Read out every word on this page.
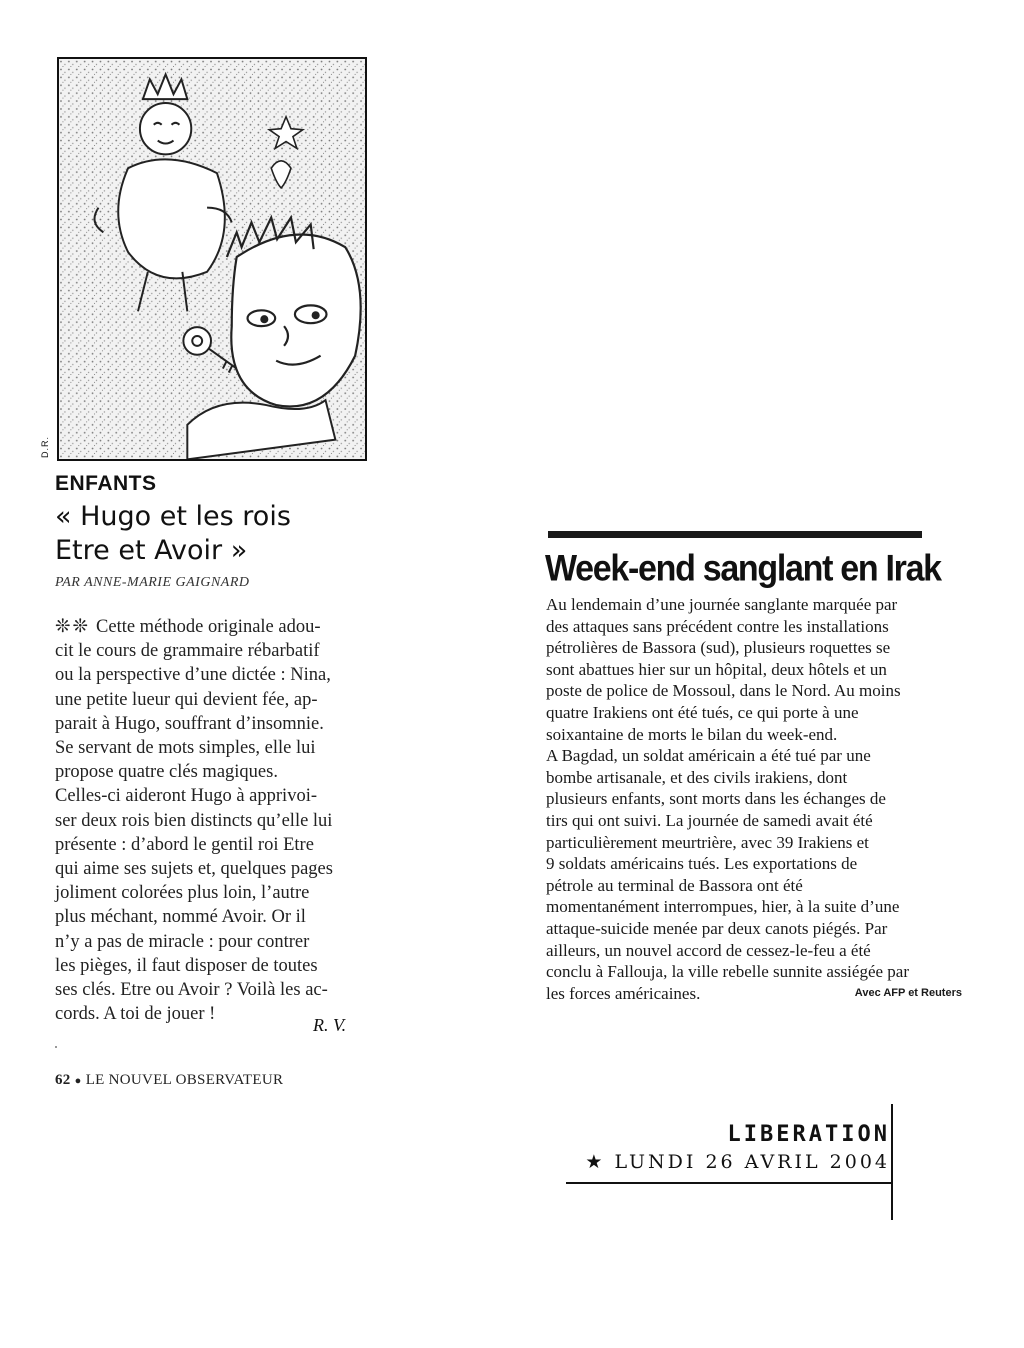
D.R.
ENFANTS
« Hugo et les rois
Etre et Avoir »
PAR ANNE-MARIE GAIGNARD
❊❊ Cette méthode originale adou-
cit le cours de grammaire rébarbatif
ou la perspective d’une dictée : Nina,
une petite lueur qui devient fée, ap-
parait à Hugo, souffrant d’insomnie.
Se servant de mots simples, elle lui
propose quatre clés magiques.
Celles-ci aideront Hugo à apprivoi-
ser deux rois bien distincts qu’elle lui
présente : d’abord le gentil roi Etre
qui aime ses sujets et, quelques pages
joliment colorées plus loin, l’autre
plus méchant, nommé Avoir. Or il
n’y a pas de miracle : pour contrer
les pièges, il faut disposer de toutes
ses clés. Etre ou Avoir ? Voilà les ac-
cords. A toi de jouer !
R. V.
62 ● LE NOUVEL OBSERVATEUR
Week-end sanglant en Irak
Au lendemain d’une journée sanglante marquée par
des attaques sans précédent contre les installations
pétrolières de Bassora (sud), plusieurs roquettes se
sont abattues hier sur un hôpital, deux hôtels et un
poste de police de Mossoul, dans le Nord. Au moins
quatre Irakiens ont été tués, ce qui porte à une
soixantaine de morts le bilan du week-end.
A Bagdad, un soldat américain a été tué par une
bombe artisanale, et des civils irakiens, dont
plusieurs enfants, sont morts dans les échanges de
tirs qui ont suivi. La journée de samedi avait été
particulièrement meurtrière, avec 39 Irakiens et
9 soldats américains tués. Les exportations de
pétrole au terminal de Bassora ont été
momentanément interrompues, hier, à la suite d’une
attaque-suicide menée par deux canots piégés. Par
ailleurs, un nouvel accord de cessez-le-feu a été
conclu à Fallouja, la ville rebelle sunnite assiégée par
les forces américaines.	Avec AFP et Reuters
LIBERATION
★ LUNDI 26 AVRIL 2004
